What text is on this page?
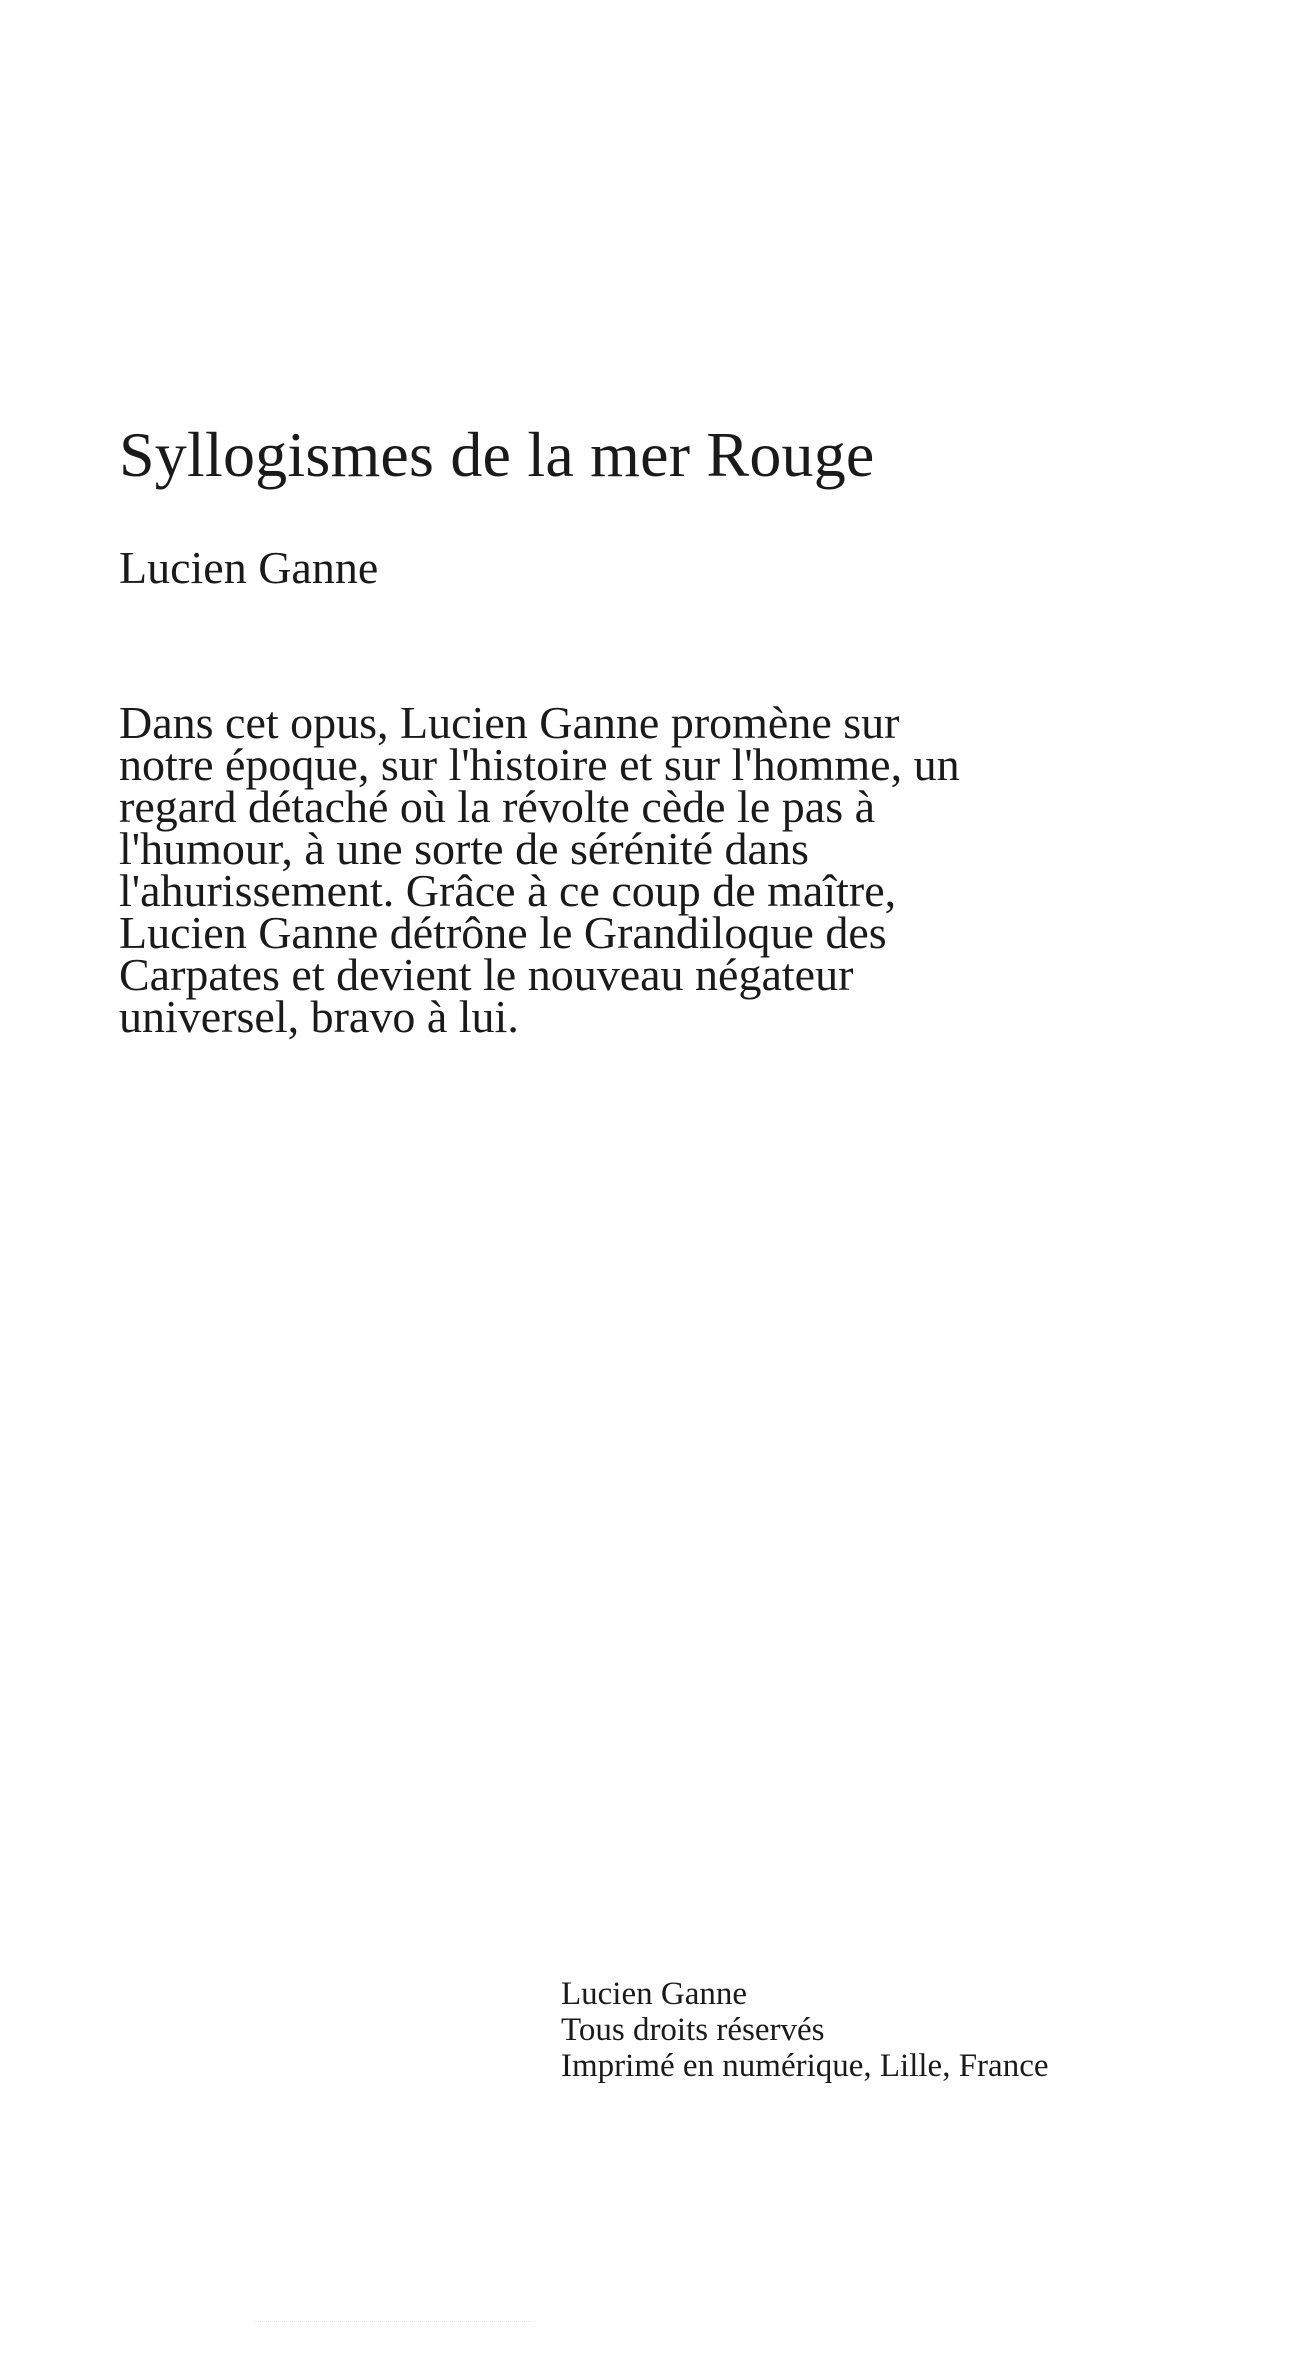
Syllogismes de la mer Rouge
Lucien Ganne

Dans cet opus, Lucien Ganne promène sur notre époque, sur l'histoire et sur l'homme, un regard détaché où la révolte cède le pas à l'humour, à une sorte de sérénité dans l'ahurissement. Grâce à ce coup de maître, Lucien Ganne détrône le Grandiloque des Carpates et devient le nouveau négateur universel, bravo à lui.

Lucien Ganne
Tous droits réservés
Imprimé en numérique, Lille, France
